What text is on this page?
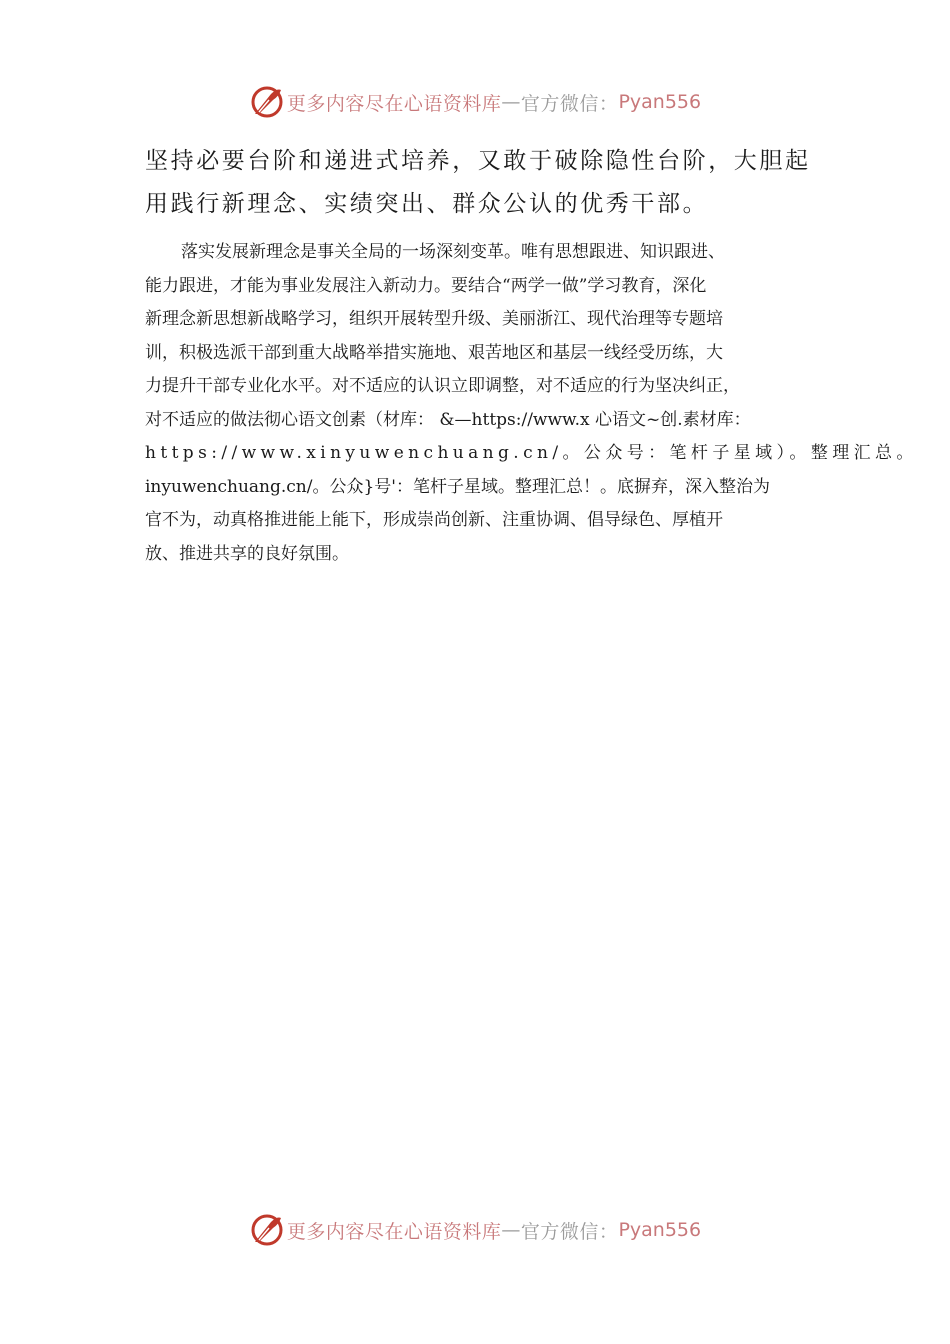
更多内容尽在心语资料库 — 官方微信： Pyan556
坚持必要台阶和递进式培养，又敢于破除隐性台阶，大胆起
用践行新理念、实绩突出、群众公认的优秀干部。
落实发展新理念是事关全局的一场深刻变革。唯有思想跟进、知识跟进、
能力跟进，才能为事业发展注入新动力。要结合“两学一做”学习教育，深化
新理念新思想新战略学习，组织开展转型升级、美丽浙江、现代治理等专题培
训，积极选派干部到重大战略举措实施地、艰苦地区和基层一线经受历练，大
力提升干部专业化水平。对不适应的认识立即调整，对不适应的行为坚决纠正，
对不适应的做法彻心语文创素（材库： &—https://www.x 心语文~创.素材库：
https://www.xinyuwenchuang.cn/。公众号：笔杆子星域）。整理汇总。
inyuwenchuang.cn/。公众}号'：笔杆子星域。整理汇总！。底摒弃，深入整治为
官不为，动真格推进能上能下，形成崇尚创新、注重协调、倡导绿色、厚植开
放、推进共享的良好氛围。
更多内容尽在心语资料库 — 官方微信： Pyan556
